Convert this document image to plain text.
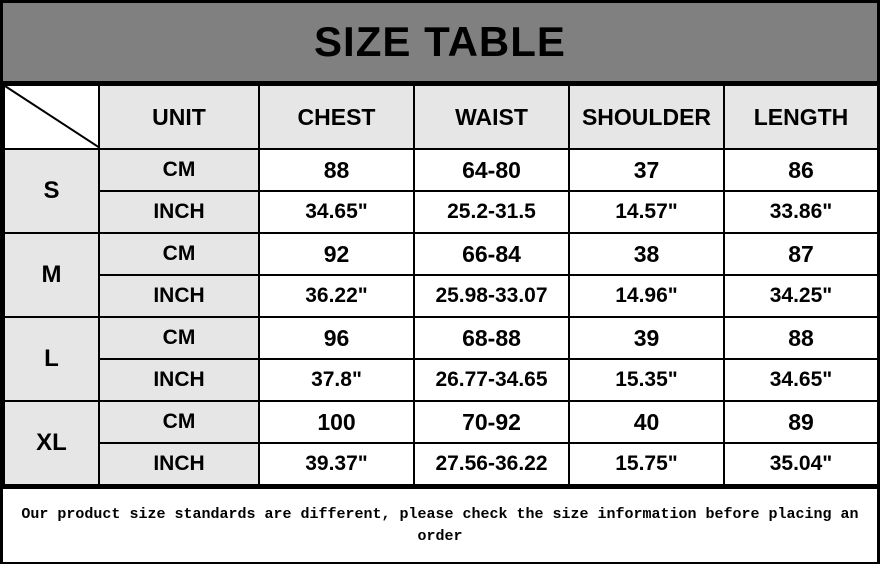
SIZE TABLE
	UNIT	CHEST	WAIST	SHOULDER	LENGTH
S	CM	88	64-80	37	86
	INCH	34.65"	25.2-31.5	14.57"	33.86"
M	CM	92	66-84	38	87
	INCH	36.22"	25.98-33.07	14.96"	34.25"
L	CM	96	68-88	39	88
	INCH	37.8"	26.77-34.65	15.35"	34.65"
XL	CM	100	70-92	40	89
	INCH	39.37"	27.56-36.22	15.75"	35.04"
Our product size standards are different, please check the size information before placing an order
